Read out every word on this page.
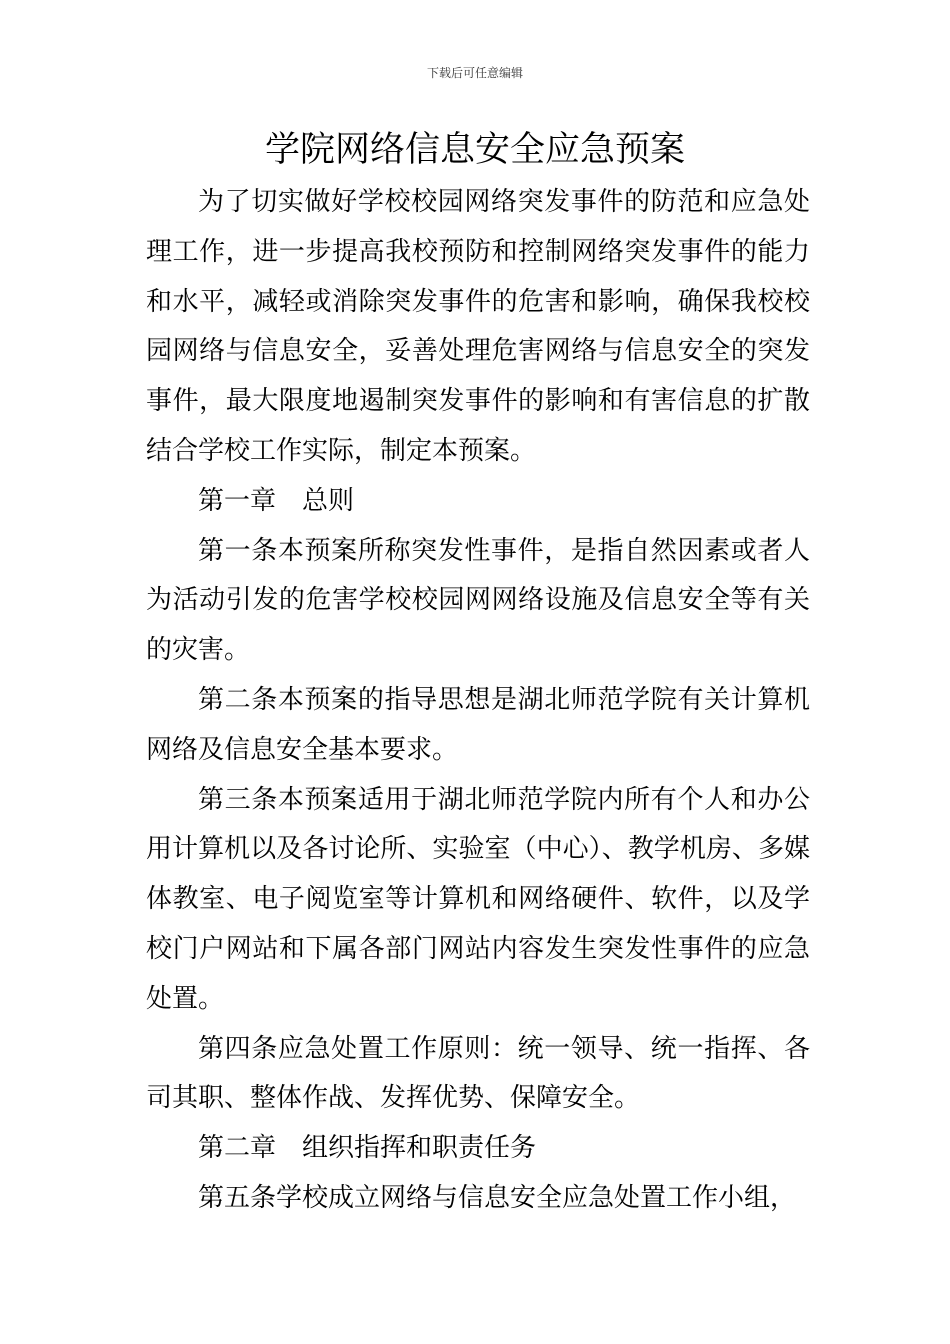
下载后可任意编辑
学院网络信息安全应急预案

为了切实做好学校校园网络突发事件的防范和应急处理工作，进一步提高我校预防和控制网络突发事件的能力和水平，减轻或消除突发事件的危害和影响，确保我校校园网络与信息安全，妥善处理危害网络与信息安全的突发事件，最大限度地遏制突发事件的影响和有害信息的扩散结合学校工作实际，制定本预案。

第一章　总则

第一条本预案所称突发性事件，是指自然因素或者人为活动引发的危害学校校园网网络设施及信息安全等有关的灾害。

第二条本预案的指导思想是湖北师范学院有关计算机网络及信息安全基本要求。

第三条本预案适用于湖北师范学院内所有个人和办公用计算机以及各讨论所、实验室（中心）、教学机房、多媒体教室、电子阅览室等计算机和网络硬件、软件，以及学校门户网站和下属各部门网站内容发生突发性事件的应急处置。

第四条应急处置工作原则：统一领导、统一指挥、各司其职、整体作战、发挥优势、保障安全。

第二章　组织指挥和职责任务

第五条学校成立网络与信息安全应急处置工作小组，
